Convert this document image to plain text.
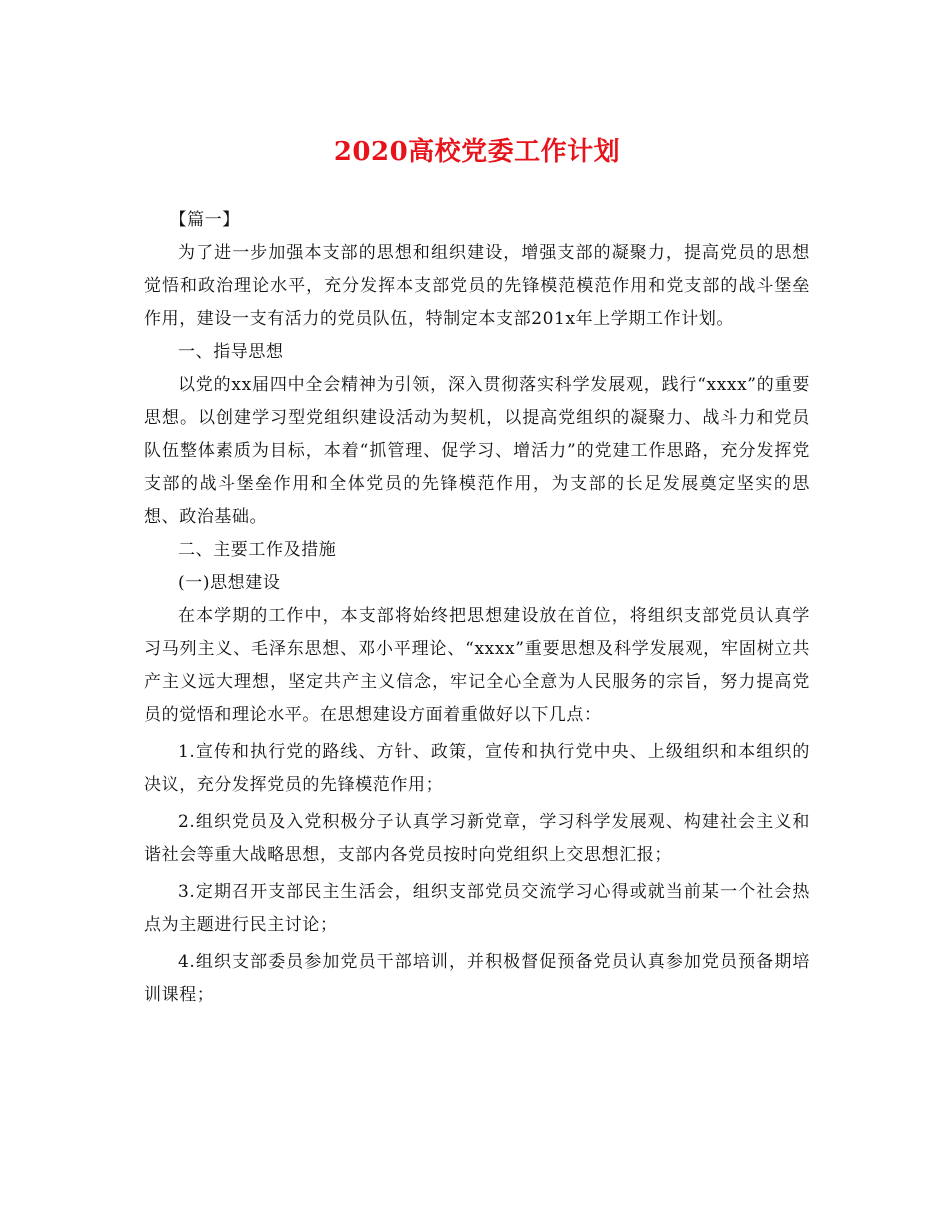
2020高校党委工作计划

【篇一】

为了进一步加强本支部的思想和组织建设，增强支部的凝聚力，提高党员的思想觉悟和政治理论水平，充分发挥本支部党员的先锋模范模范作用和党支部的战斗堡垒作用，建设一支有活力的党员队伍，特制定本支部201x年上学期工作计划。

一、指导思想

以党的xx届四中全会精神为引领，深入贯彻落实科学发展观，践行“xxxx”的重要思想。以创建学习型党组织建设活动为契机，以提高党组织的凝聚力、战斗力和党员队伍整体素质为目标，本着“抓管理、促学习、增活力”的党建工作思路，充分发挥党支部的战斗堡垒作用和全体党员的先锋模范作用，为支部的长足发展奠定坚实的思想、政治基础。

二、主要工作及措施

(一)思想建设

在本学期的工作中，本支部将始终把思想建设放在首位，将组织支部党员认真学习马列主义、毛泽东思想、邓小平理论、“xxxx”重要思想及科学发展观，牢固树立共产主义远大理想，坚定共产主义信念，牢记全心全意为人民服务的宗旨，努力提高党员的觉悟和理论水平。在思想建设方面着重做好以下几点：

1.宣传和执行党的路线、方针、政策，宣传和执行党中央、上级组织和本组织的决议，充分发挥党员的先锋模范作用；

2.组织党员及入党积极分子认真学习新党章，学习科学发展观、构建社会主义和谐社会等重大战略思想，支部内各党员按时向党组织上交思想汇报；

3.定期召开支部民主生活会，组织支部党员交流学习心得或就当前某一个社会热点为主题进行民主讨论；

4.组织支部委员参加党员干部培训，并积极督促预备党员认真参加党员预备期培训课程；
